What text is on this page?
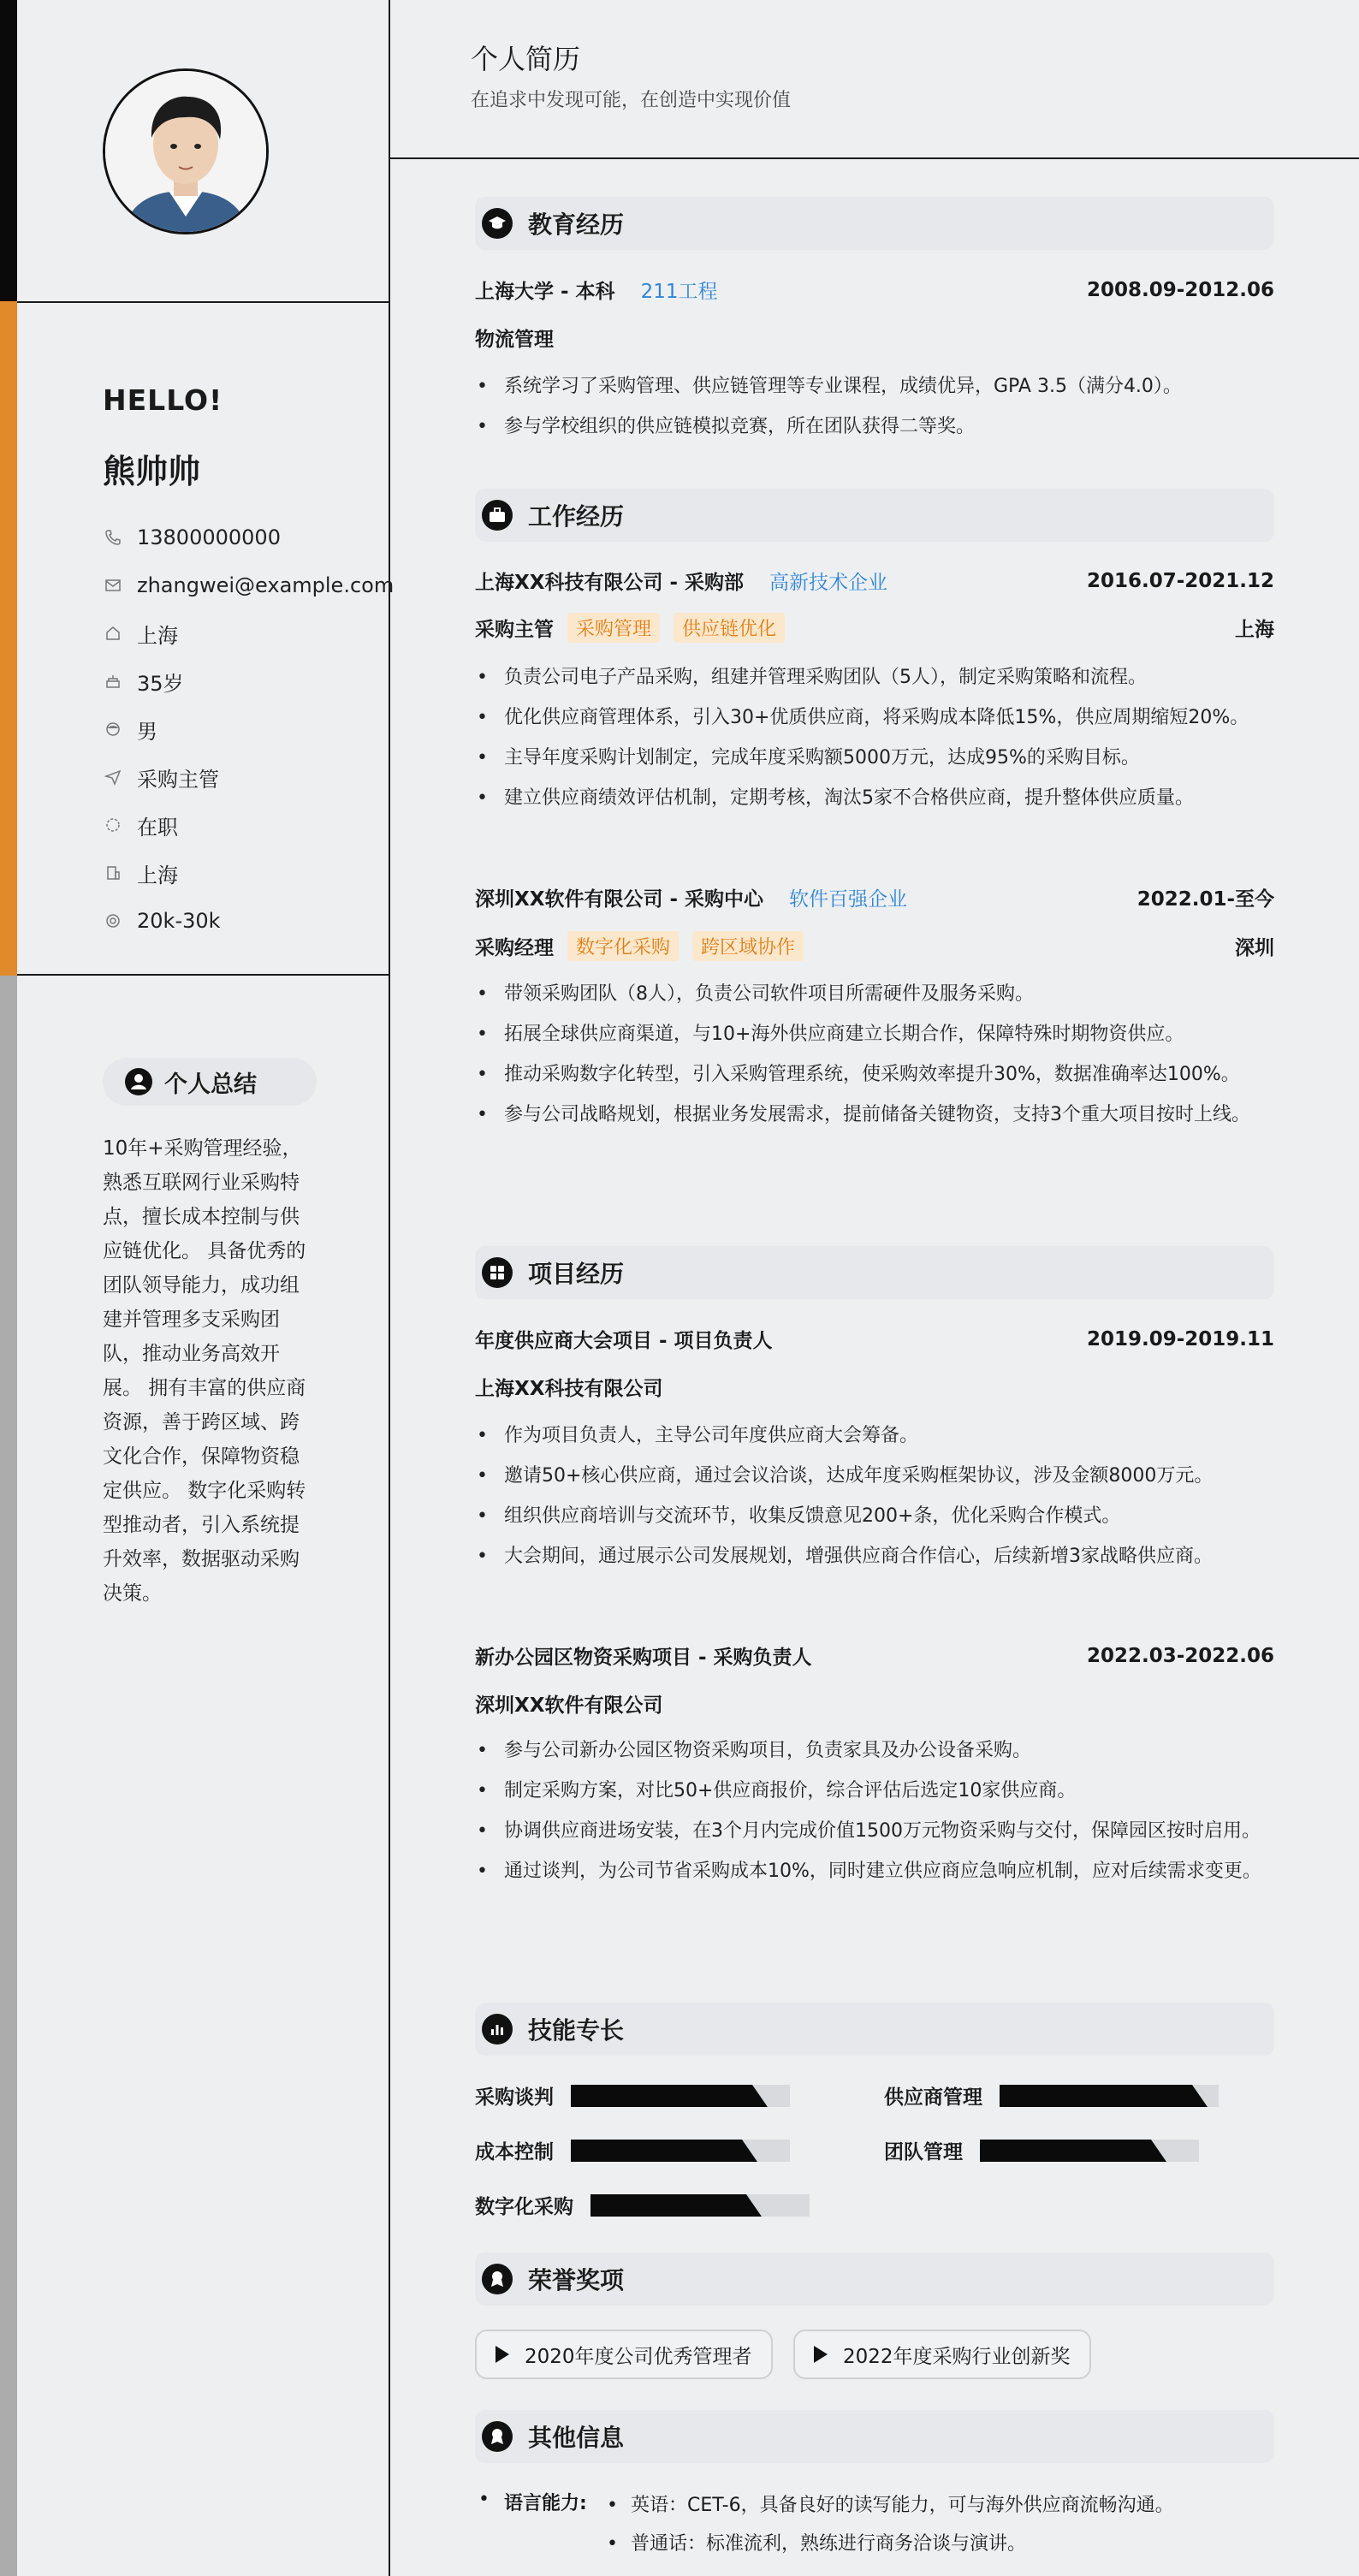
HELLO!
熊帅帅
13800000000
zhangwei@example.com
上海
35岁
男
采购主管
在职
上海
20k-30k
个人总结
10年+采购管理经验，熟悉互联网行业采购特点，擅长成本控制与供应链优化。 具备优秀的团队领导能力，成功组建并管理多支采购团队，推动业务高效开展。 拥有丰富的供应商资源，善于跨区域、跨文化合作，保障物资稳定供应。 数字化采购转型推动者，引入系统提升效率，数据驱动采购决策。
个人简历
在追求中发现可能，在创造中实现价值
教育经历
上海大学 - 本科 211工程	2008.09-2012.06
物流管理
• 系统学习了采购管理、供应链管理等专业课程，成绩优异，GPA 3.5（满分4.0）。
• 参与学校组织的供应链模拟竞赛，所在团队获得二等奖。
工作经历
上海XX科技有限公司 - 采购部 高新技术企业	2016.07-2021.12
采购主管	采购管理	供应链优化	上海
• 负责公司电子产品采购，组建并管理采购团队（5人），制定采购策略和流程。
• 优化供应商管理体系，引入30+优质供应商，将采购成本降低15%，供应周期缩短20%。
• 主导年度采购计划制定，完成年度采购额5000万元，达成95%的采购目标。
• 建立供应商绩效评估机制，定期考核，淘汰5家不合格供应商，提升整体供应质量。
深圳XX软件有限公司 - 采购中心 软件百强企业	2022.01-至今
采购经理	数字化采购	跨区域协作	深圳
• 带领采购团队（8人），负责公司软件项目所需硬件及服务采购。
• 拓展全球供应商渠道，与10+海外供应商建立长期合作，保障特殊时期物资供应。
• 推动采购数字化转型，引入采购管理系统，使采购效率提升30%，数据准确率达100%。
• 参与公司战略规划，根据业务发展需求，提前储备关键物资，支持3个重大项目按时上线。
项目经历
年度供应商大会项目 - 项目负责人	2019.09-2019.11
上海XX科技有限公司
• 作为项目负责人，主导公司年度供应商大会筹备。
• 邀请50+核心供应商，通过会议洽谈，达成年度采购框架协议，涉及金额8000万元。
• 组织供应商培训与交流环节，收集反馈意见200+条，优化采购合作模式。
• 大会期间，通过展示公司发展规划，增强供应商合作信心，后续新增3家战略供应商。
新办公园区物资采购项目 - 采购负责人	2022.03-2022.06
深圳XX软件有限公司
• 参与公司新办公园区物资采购项目，负责家具及办公设备采购。
• 制定采购方案，对比50+供应商报价，综合评估后选定10家供应商。
• 协调供应商进场安装，在3个月内完成价值1500万元物资采购与交付，保障园区按时启用。
• 通过谈判，为公司节省采购成本10%，同时建立供应商应急响应机制，应对后续需求变更。
技能专长
采购谈判	供应商管理
成本控制	团队管理
数字化采购
荣誉奖项
2020年度公司优秀管理者	2022年度采购行业创新奖
其他信息
• 语言能力:
•	英语：CET-6，具备良好的读写能力，可与海外供应商流畅沟通。
• 普通话：标准流利，熟练进行商务洽谈与演讲。
